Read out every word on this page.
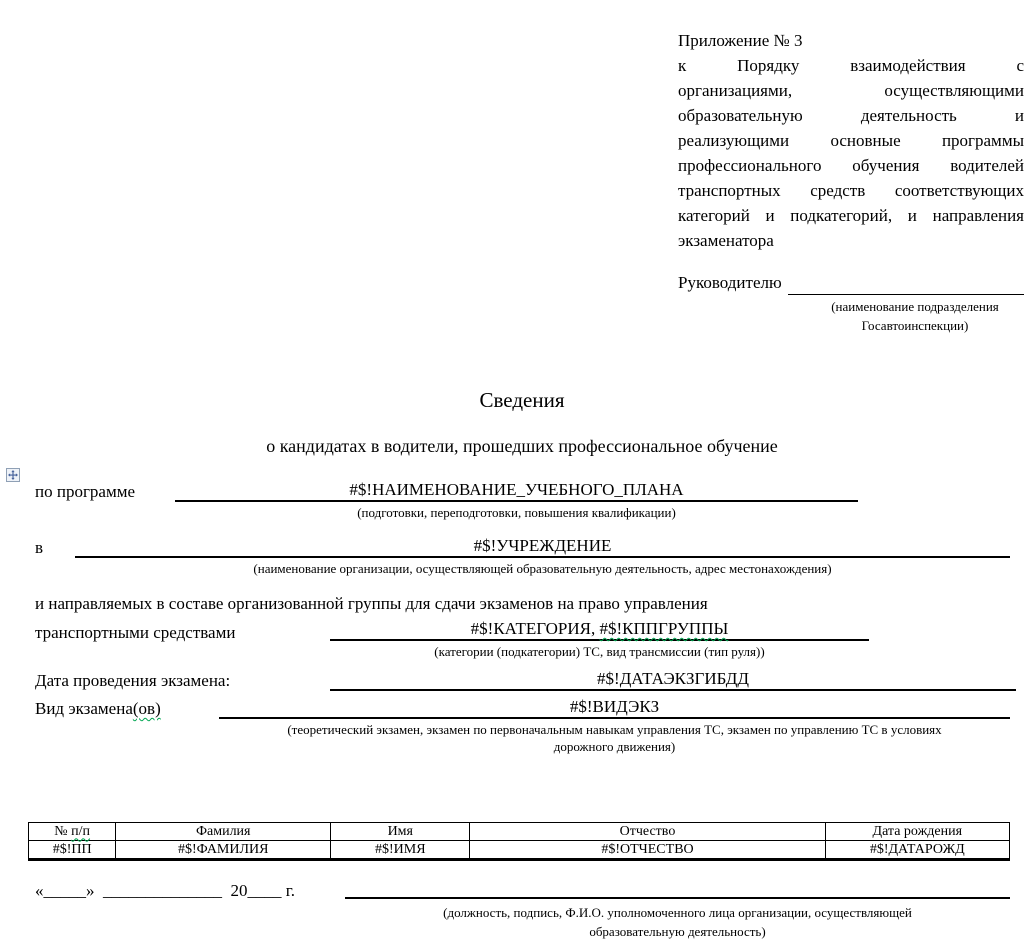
Приложение № 3
к Порядку взаимодействия с
организациями, осуществляющими
образовательную деятельность и
реализующими основные программы
профессионального обучения водителей
транспортных средств соответствующих
категорий и подкатегорий, и направления
экзаменатора
Руководителю
(наименование подразделения
Госавтоинспекции)
Сведения
о кандидатах в водители, прошедших профессиональное обучение
по программе	#$!НАИМЕНОВАНИЕ_УЧЕБНОГО_ПЛАНА
(подготовки, переподготовки, повышения квалификации)
в	#$!УЧРЕЖДЕНИЕ
(наименование организации, осуществляющей образовательную деятельность, адрес местонахождения)
и направляемых в составе организованной группы для сдачи экзаменов на право управления
транспортными средствами	#$!КАТЕГОРИЯ, #$!КППГРУППЫ
(категории (подкатегории) ТС, вид трансмиссии (тип руля))
Дата проведения экзамена:	#$!ДАТАЭКЗГИБДД
Вид экзамена(ов)	#$!ВИДЭКЗ
(теоретический экзамен, экзамен по первоначальным навыкам управления ТС, экзамен по управлению ТС в условиях
дорожного движения)
№ п/п	Фамилия	Имя	Отчество	Дата рождения
#$!ПП	#$!ФАМИЛИЯ	#$!ИМЯ	#$!ОТЧЕСТВО	#$!ДАТАРОЖД
«_____»  ______________  20____ г.
(должность, подпись, Ф.И.О. уполномоченного лица организации, осуществляющей
образовательную деятельность)
